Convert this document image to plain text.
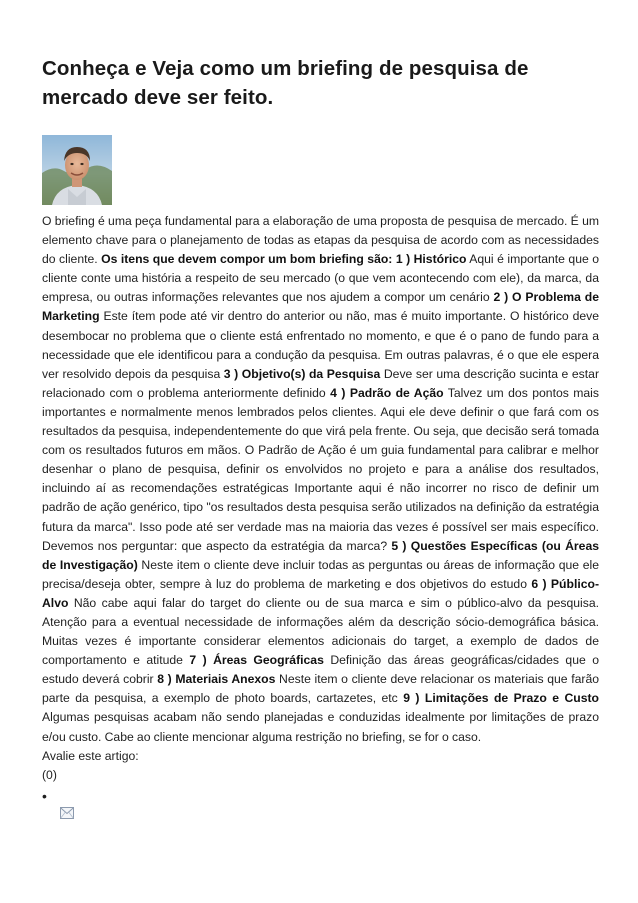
Conheça e Veja como um briefing de pesquisa de mercado deve ser feito.
O briefing é uma peça fundamental para a elaboração de uma proposta de pesquisa de mercado. É um elemento chave para o planejamento de todas as etapas da pesquisa de acordo com as necessidades do cliente. Os itens que devem compor um bom briefing são: 1 ) Histórico Aqui é importante que o cliente conte uma história a respeito de seu mercado (o que vem acontecendo com ele), da marca, da empresa, ou outras informações relevantes que nos ajudem a compor um cenário 2 ) O Problema de Marketing Este ítem pode até vir dentro do anterior ou não, mas é muito importante. O histórico deve desembocar no problema que o cliente está enfrentado no momento, e que é o pano de fundo para a necessidade que ele identificou para a condução da pesquisa. Em outras palavras, é o que ele espera ver resolvido depois da pesquisa 3 ) Objetivo(s) da Pesquisa Deve ser uma descrição sucinta e estar relacionado com o problema anteriormente definido 4 ) Padrão de Ação Talvez um dos pontos mais importantes e normalmente menos lembrados pelos clientes. Aqui ele deve definir o que fará com os resultados da pesquisa, independentemente do que virá pela frente. Ou seja, que decisão será tomada com os resultados futuros em mãos. O Padrão de Ação é um guia fundamental para calibrar e melhor desenhar o plano de pesquisa, definir os envolvidos no projeto e para a análise dos resultados, incluindo aí as recomendações estratégicas Importante aqui é não incorrer no risco de definir um padrão de ação genérico, tipo "os resultados desta pesquisa serão utilizados na definição da estratégia futura da marca". Isso pode até ser verdade mas na maioria das vezes é possível ser mais específico. Devemos nos perguntar: que aspecto da estratégia da marca? 5 ) Questões Específicas (ou Áreas de Investigação) Neste item o cliente deve incluir todas as perguntas ou áreas de informação que ele precisa/deseja obter, sempre à luz do problema de marketing e dos objetivos do estudo 6 ) Público-Alvo Não cabe aqui falar do target do cliente ou de sua marca e sim o público-alvo da pesquisa. Atenção para a eventual necessidade de informações além da descrição sócio-demográfica básica. Muitas vezes é importante considerar elementos adicionais do target, a exemplo de dados de comportamento e atitude 7 ) Áreas Geográficas Definição das áreas geográficas/cidades que o estudo deverá cobrir 8 ) Materiais Anexos Neste item o cliente deve relacionar os materiais que farão parte da pesquisa, a exemplo de photo boards, cartazetes, etc 9 ) Limitações de Prazo e Custo Algumas pesquisas acabam não sendo planejadas e conduzidas idealmente por limitações de prazo e/ou custo. Cabe ao cliente mencionar alguma restrição no briefing, se for o caso.

Avalie este artigo:

(0)

•
